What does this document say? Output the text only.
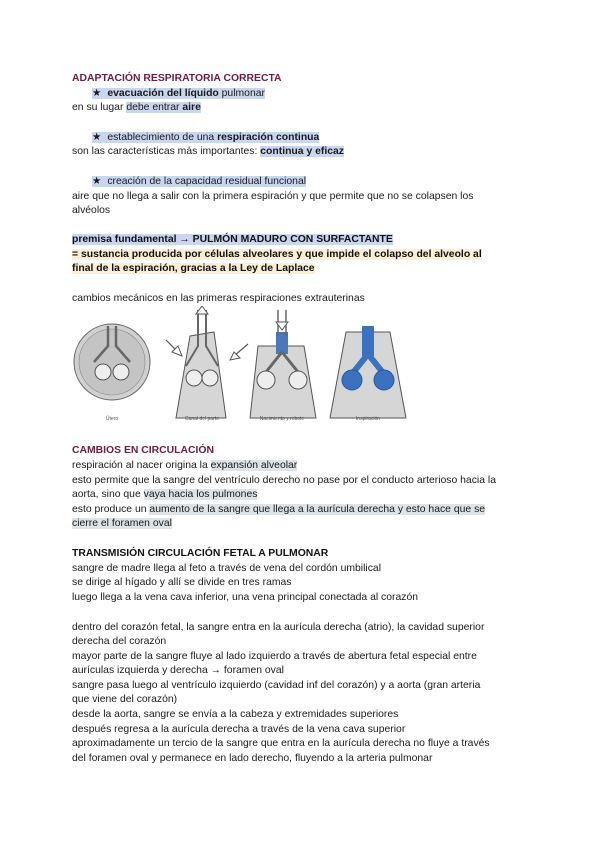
ADAPTACIÓN RESPIRATORIA CORRECTA
★ evacuación del líquido pulmonar
en su lugar debe entrar aire
★ establecimiento de una respiración continua
son las características más importantes: continua y eficaz
★ creación de la capacidad residual funcional
aire que no llega a salir con la primera espiración y que permite que no se colapsen los
alvéolos
premisa fundamental → PULMÓN MADURO CON SURFACTANTE
= sustancia producida por células alveolares y que impide el colapso del alveolo al
final de la espiración, gracias a la Ley de Laplace
cambios mecánicos en las primeras respiraciones extrauterinas
Útero	Canal del parto	Nacimiento y rebote	Inspiración
CAMBIOS EN CIRCULACIÓN
respiración al nacer origina la expansión alveolar
esto permite que la sangre del ventrículo derecho no pase por el conducto arterioso hacia la
aorta, sino que vaya hacia los pulmones
esto produce un aumento de la sangre que llega a la aurícula derecha y esto hace que se
cierre el foramen oval
TRANSMISIÓN CIRCULACIÓN FETAL A PULMONAR
sangre de madre llega al feto a través de vena del cordón umbilical
se dirige al hígado y allí se divide en tres ramas
luego llega a la vena cava inferior, una vena principal conectada al corazón
dentro del corazón fetal, la sangre entra en la aurícula derecha (atrio), la cavidad superior
derecha del corazón
mayor parte de la sangre fluye al lado izquierdo a través de abertura fetal especial entre
aurículas izquierda y derecha → foramen oval
sangre pasa luego al ventrículo izquierdo (cavidad inf del corazón) y a aorta (gran arteria
que viene del corazón)
desde la aorta, sangre se envía a la cabeza y extremidades superiores
después regresa a la aurícula derecha a través de la vena cava superior
aproximadamente un tercio de la sangre que entra en la aurícula derecha no fluye a través
del foramen oval y permanece en lado derecho, fluyendo a la arteria pulmonar
